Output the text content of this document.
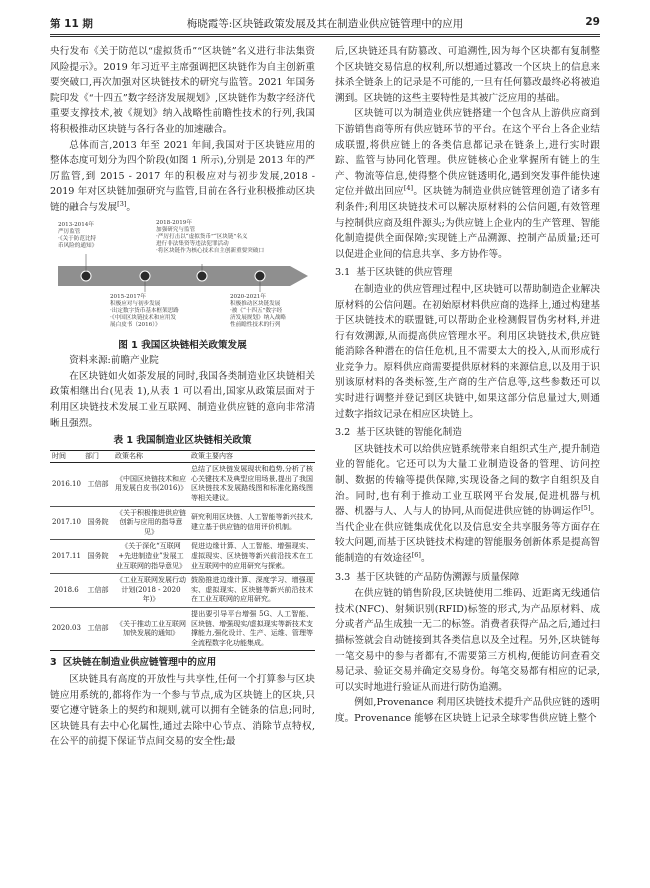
第 11 期	梅晓霞等:区块链政策发展及其在制造业供应链管理中的应用	29

央行发布《关于防范以“虚拟货币”“区块链”名义进行非法集资风险提示》。2019 年习近平主席强调把区块链作为自主创新重要突破口,再次加强对区块链技术的研究与监管。2021 年国务院印发《“十四五”数字经济发展规划》,区块链作为数字经济代重要支撑技术,被《规划》纳入战略性前瞻性技术的行列,我国将积极推动区块链与各行各业的加速融合。

总体而言,2013 年至 2021 年间,我国对于区块链应用的整体态度可划分为四个阶段(如图 1 所示),分别是 2013 年的严厉监管,到 2015 - 2017 年的积极应对与初步发展,2018 - 2019 年对区块链加强研究与监管,目前在各行业积极推动区块链的融合与发展[3]。

2013-2014年
严厉监管
·《关于防范比特
币风险的通知》
2015-2017年
积极应对与初步发展
·出定数字货币基本框架思路
·《中国区块链技术和应用发
展白皮书（2016）》
2018-2019年
加强研究与监管
·严厉打击以“虚拟货币”“区块链”名义
进行非法集资等违法犯罪活动
·将区块链作为核心技术自主创新重要突破口
2020-2021年
积极推动区块链发展
·被《“十四五”数字经
济发展规划》纳入战略
性前瞻性技术的行列

图 1 我国区块链相关政策发展

资料来源:前瞻产业院

在区块链如火如荼发展的同时,我国各类制造业区块链相关政策相继出台(见表 1),从表 1 可以看出,国家从政策层面对于利用区块链技术发展工业互联网、制造业供应链的意向非常清晰且强烈。

表 1 我国制造业区块链相关政策

时间	部门	政策名称	政策主要内容
2016.10	工信部	《中国区块链技术和应用发展白皮书(2016)》	总结了区块链发展现状和趋势,分析了核心关键技术及典型应用场景,提出了我国区块链技术发展路线图和标准化路线图等相关建议。
2017.10	国务院	《关于积极推进供应链创新与应用的指导意见》	研究利用区块链、人工智能等新兴技术,建立基于供应链的信用评价机制。
2017.11	国务院	《关于深化“互联网+先进制造业”发展工业互联网的指导意见》	促进边缘计算、人工智能、增强现实、虚拟现实、区块链等新兴前沿技术在工业互联网中的应用研究与探索。
2018.6	工信部	《工业互联网发展行动计划(2018 - 2020年)》	鼓励推进边缘计算、深度学习、增强现实、虚拟现实、区块链等新兴前沿技术在工业互联网的应用研究。
2020.03	工信部	《关于推动工业互联网加快发展的通知》	提出要引导平台增强 5G、人工智能、区块链、增强现实/虚拟现实等新技术支撑能力,强化设计、生产、运维、管理等全流程数字化功能集成。

3 区块链在制造业供应链管理中的应用

区块链具有高度的开放性与共享性,任何一个打算参与区块链应用系统的,都将作为一个参与节点,成为区块链上的区块,只要它遵守链条上的契约和规则,就可以拥有全链条的信息;同时,区块链具有去中心化属性,通过去除中心节点、消除节点特权,在公平的前提下保证节点间交易的安全性;最

后,区块链还具有防篡改、可追溯性,因为每个区块都有复制整个区块链交易信息的权利,所以想通过篡改一个区块上的信息来抹杀全链条上的记录是不可能的,一旦有任何篡改最终必将被追溯到。区块链的这些主要特性是其被广泛应用的基础。

区块链可以为制造业供应链搭建一个包含从上游供应商到下游销售商等所有供应链环节的平台。在这个平台上各企业结成联盟,将供应链上的各类信息都记录在链条上,进行实时跟踪、监管与协同化管理。供应链核心企业掌握所有链上的生产、物流等信息,使得整个供应链透明化,遇到突发事件能快速定位并做出回应[4]。区块链为制造业供应链管理创造了诸多有利条件;利用区块链技术可以解决原材料的公信问题,有效管理与控制供应商及组件源头;为供应链上企业内的生产管理、智能化制造提供全面保障;实现链上产品溯源、控制产品质量;还可以促进企业间的信息共享、多方协作等。

3.1 基于区块链的供应管理

在制造业的供应管理过程中,区块链可以帮助制造企业解决原材料的公信问题。在初始原材料供应商的选择上,通过构建基于区块链技术的联盟链,可以帮助企业检测假冒伪劣材料,并进行有效溯源,从而提高供应管理水平。利用区块链技术,供应链能消除各种潜在的信任危机,且不需要太大的投入,从而形成行业竞争力。原料供应商需要提供原材料的来源信息,以及用于识别该原材料的各类标签,生产商的生产信息等,这些参数还可以实时进行调整并登记到区块链中,如果这部分信息量过大,则通过数字指纹记录在相应区块链上。

3.2 基于区块链的智能化制造

区块链技术可以给供应链系统带来自组织式生产,提升制造业的智能化。它还可以为大量工业制造设备的管理、访问控制、数据的传输等提供保障,实现设备之间的数字自组织及自治。同时,也有利于推动工业互联网平台发展,促进机器与机器、机器与人、人与人的协同,从而促进供应链的协调运作[5]。当代企业在供应链集成优化以及信息安全共享服务等方面存在较大问题,而基于区块链技术构建的智能服务创新体系是提高智能制造的有效途径[6]。

3.3 基于区块链的产品防伪溯源与质量保障

在供应链的销售阶段,区块链使用二维码、近距离无线通信技术(NFC)、射频识别(RFID)标签的形式,为产品原材料、成分或者产品生成独一无二的标签。消费者获得产品之后,通过扫描标签就会自动链接到其各类信息以及全过程。另外,区块链每一笔交易中的参与者都有,不需要第三方机构,便能访问查看交易记录、验证交易并确定交易身份。每笔交易都有相应的记录,可以实时地进行验证从而进行防伪追溯。

例如,Provenance 利用区块链技术提升产品供应链的透明度。Provenance 能够在区块链上记录全球零售供应链上整个
